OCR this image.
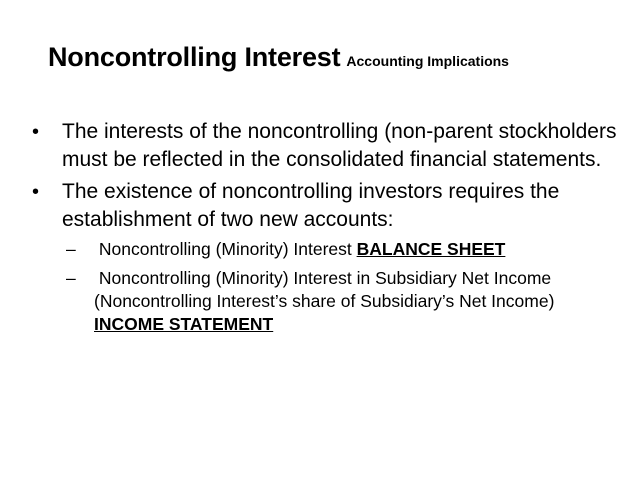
Noncontrolling Interest Accounting Implications
• The interests of the noncontrolling (non-parent stockholders must be reflected in the consolidated financial statements.
• The existence of noncontrolling investors requires the establishment of two new accounts:
– Noncontrolling (Minority) Interest BALANCE SHEET
– Noncontrolling (Minority) Interest in Subsidiary Net Income (Noncontrolling Interest’s share of Subsidiary’s Net Income) INCOME STATEMENT
